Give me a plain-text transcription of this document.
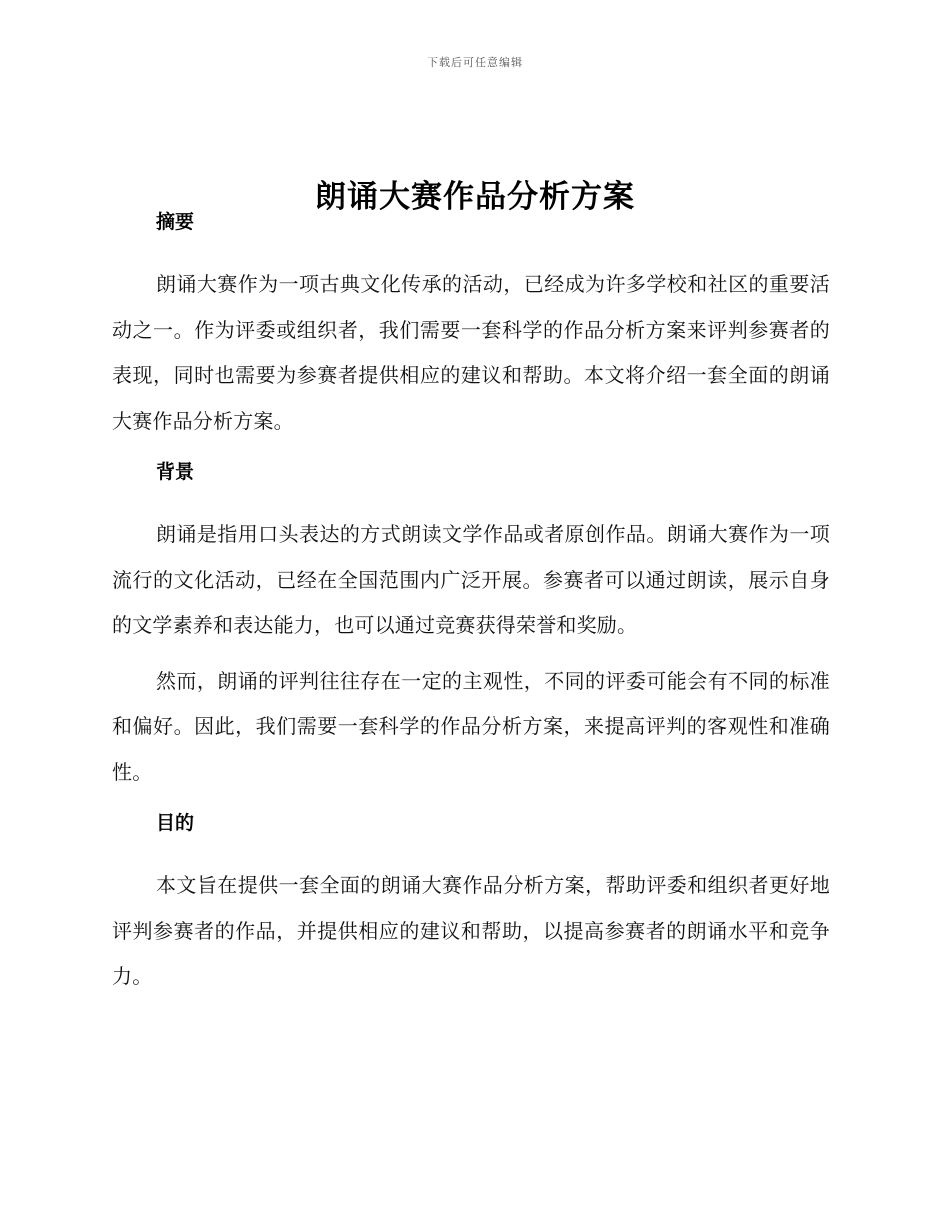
下载后可任意编辑
朗诵大赛作品分析方案
摘要

朗诵大赛作为一项古典文化传承的活动，已经成为许多学校和社区的重要活动之一。作为评委或组织者，我们需要一套科学的作品分析方案来评判参赛者的表现，同时也需要为参赛者提供相应的建议和帮助。本文将介绍一套全面的朗诵大赛作品分析方案。

背景

朗诵是指用口头表达的方式朗读文学作品或者原创作品。朗诵大赛作为一项流行的文化活动，已经在全国范围内广泛开展。参赛者可以通过朗读，展示自身的文学素养和表达能力，也可以通过竞赛获得荣誉和奖励。

然而，朗诵的评判往往存在一定的主观性，不同的评委可能会有不同的标准和偏好。因此，我们需要一套科学的作品分析方案，来提高评判的客观性和准确性。

目的

本文旨在提供一套全面的朗诵大赛作品分析方案，帮助评委和组织者更好地评判参赛者的作品，并提供相应的建议和帮助，以提高参赛者的朗诵水平和竞争力。
